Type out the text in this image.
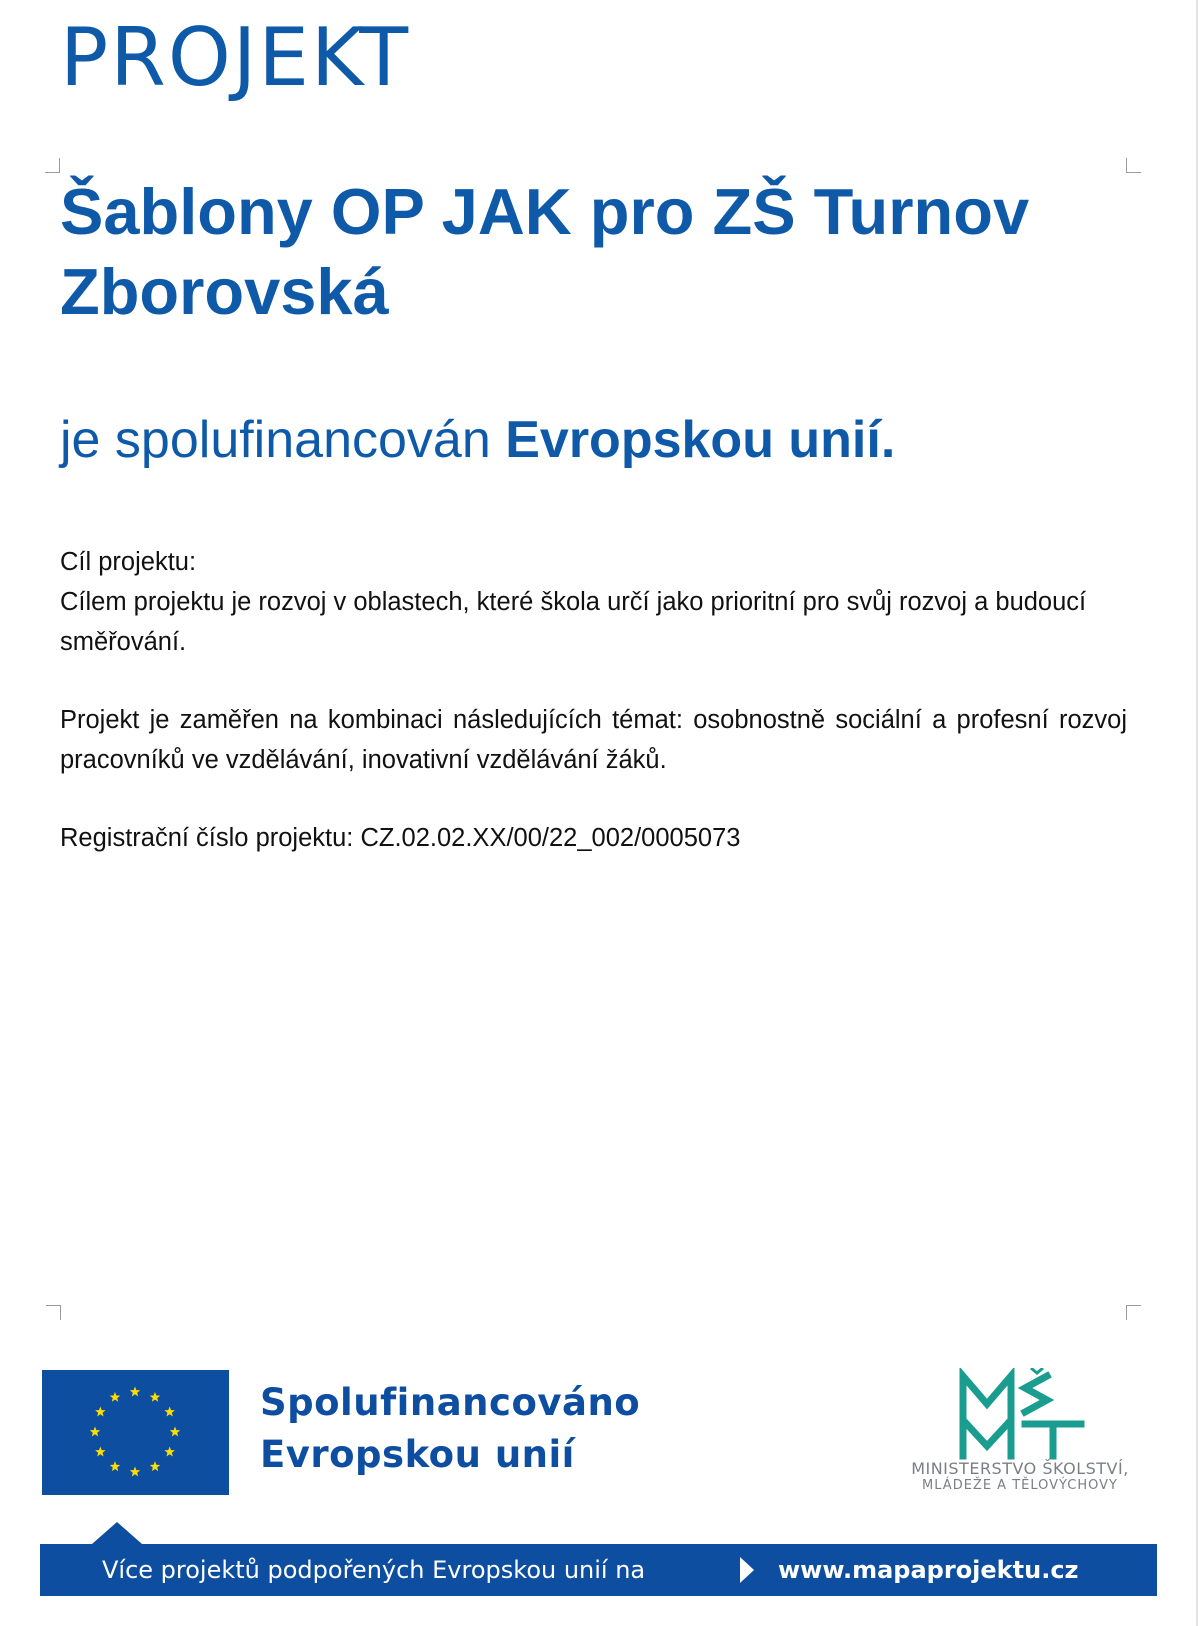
PROJEKT
Šablony OP JAK pro ZŠ Turnov Zborovská
je spolufinancován Evropskou unií.

Cíl projektu:

Cílem projektu je rozvoj v oblastech, které škola určí jako prioritní pro svůj rozvoj a budoucí směřování.

Projekt je zaměřen na kombinaci následujících témat: osobnostně sociální a profesní rozvoj pracovníků ve vzdělávání, inovativní vzdělávání žáků.

Registrační číslo projektu: CZ.02.02.XX/00/22_002/0005073

Spolufinancováno
Evropskou unií	MINISTERSTVO ŠKOLSTVÍ,
MLÁDEŽE A TĚLOVÝCHOVY
Více projektů podpořených Evropskou unií na	www.mapaprojektu.cz
